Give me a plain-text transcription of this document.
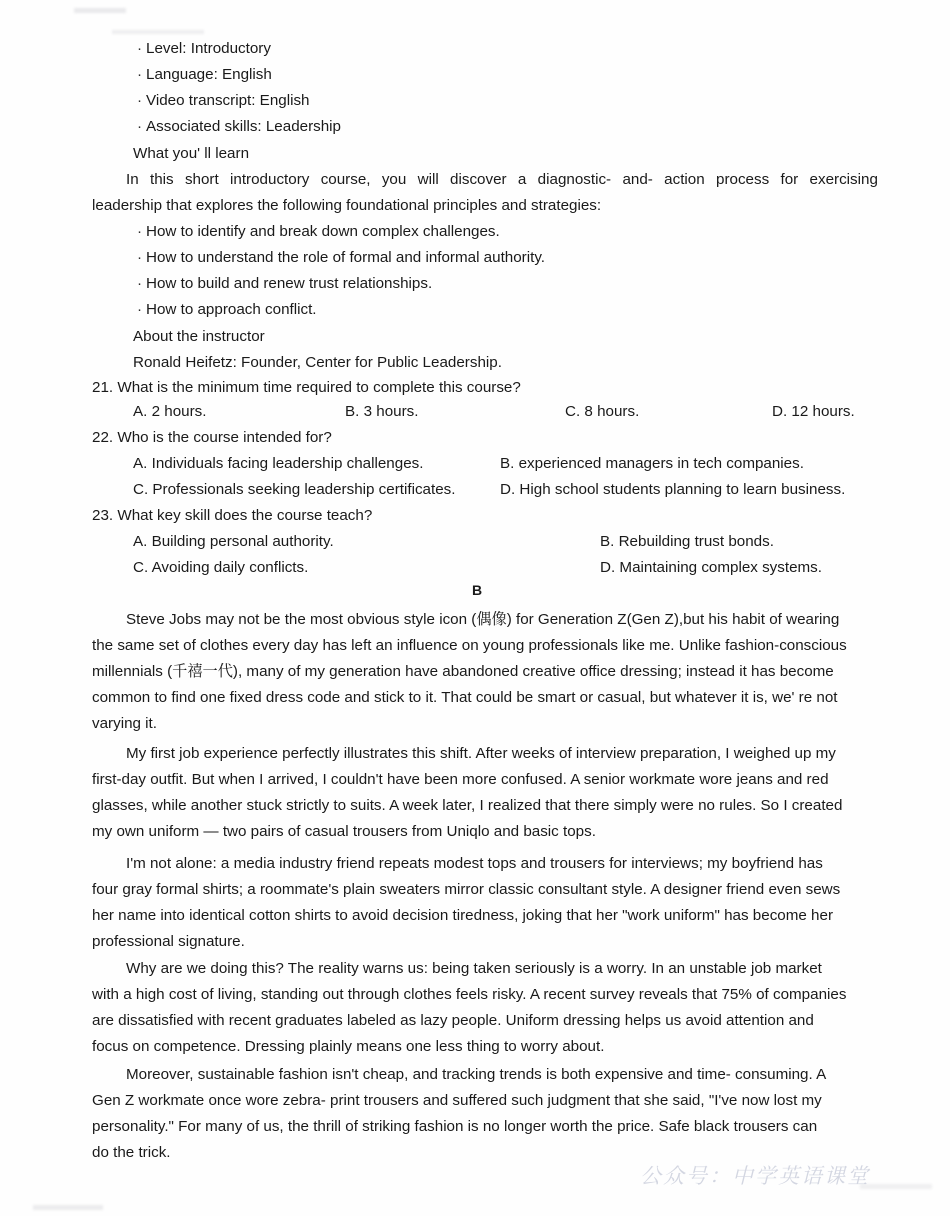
· Level: Introductory
· Language: English
· Video transcript: English
· Associated skills: Leadership
What you' ll learn
In this short introductory course, you will discover a diagnostic- and- action process for exercising
leadership that explores the following foundational principles and strategies:
· How to identify and break down complex challenges.
· How to understand the role of formal and informal authority.
· How to build and renew trust relationships.
· How to approach conflict.
About the instructor
Ronald Heifetz: Founder, Center for Public Leadership.
21. What is the minimum time required to complete this course?
A. 2 hours.	B. 3 hours.	C. 8 hours.	D. 12 hours.
22. Who is the course intended for?
A. Individuals facing leadership challenges.	B. experienced managers in tech companies.
C. Professionals seeking leadership certificates.	D. High school students planning to learn business.
23. What key skill does the course teach?
A. Building personal authority.	B. Rebuilding trust bonds.
C. Avoiding daily conflicts.	D. Maintaining complex systems.
B
Steve Jobs may not be the most obvious style icon (偶像) for Generation Z(Gen Z),but his habit of wearing
the same set of clothes every day has left an influence on young professionals like me. Unlike fashion-conscious
millennials (千禧一代), many of my generation have abandoned creative office dressing; instead it has become
common to find one fixed dress code and stick to it. That could be smart or casual, but whatever it is, we' re not
varying it.
My first job experience perfectly illustrates this shift. After weeks of interview preparation, I weighed up my
first-day outfit. But when I arrived, I couldn't have been more confused. A senior workmate wore jeans and red
glasses, while another stuck strictly to suits. A week later, I realized that there simply were no rules. So I created
my own uniform — two pairs of casual trousers from Uniqlo and basic tops.
I'm not alone: a media industry friend repeats modest tops and trousers for interviews; my boyfriend has
four gray formal shirts; a roommate's plain sweaters mirror classic consultant style. A designer friend even sews
her name into identical cotton shirts to avoid decision tiredness, joking that her "work uniform" has become her
professional signature.
Why are we doing this? The reality warns us: being taken seriously is a worry. In an unstable job market
with a high cost of living, standing out through clothes feels risky. A recent survey reveals that 75% of companies
are dissatisfied with recent graduates labeled as lazy people. Uniform dressing helps us avoid attention and
focus on competence. Dressing plainly means one less thing to worry about.
Moreover, sustainable fashion isn't cheap, and tracking trends is both expensive and time- consuming. A
Gen Z workmate once wore zebra- print trousers and suffered such judgment that she said, "I've now lost my
personality." For many of us, the thrill of striking fashion is no longer worth the price. Safe black trousers can
do the trick.
公众号：中学英语课堂
